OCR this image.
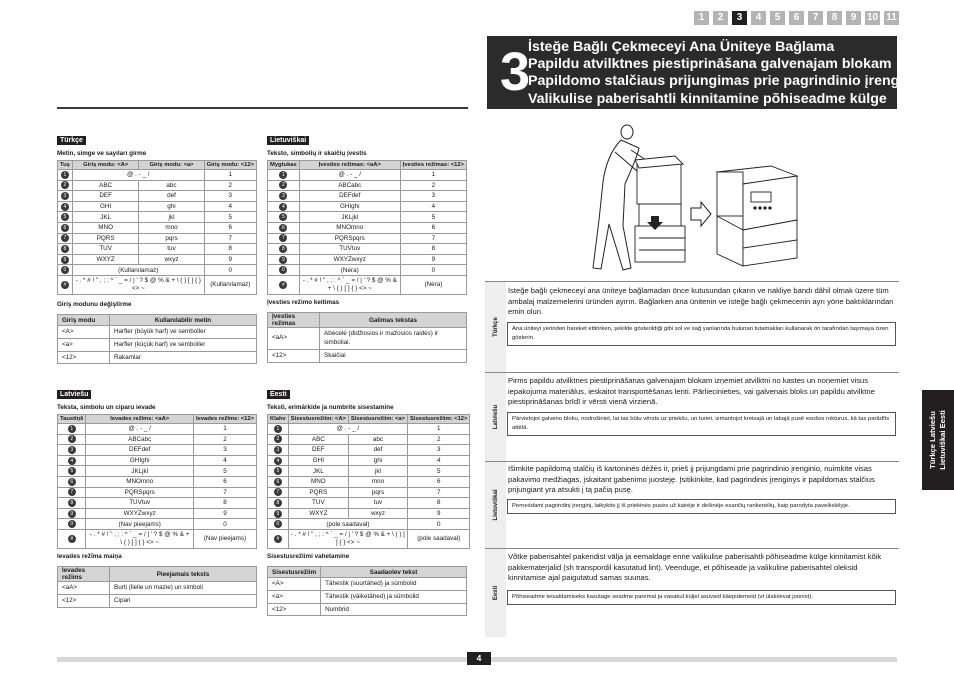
1	2	3	4	5	6	7	8	9	10 11
3
İsteğe Bağlı Çekmeceyi Ana Üniteye Bağlama
Papildu atvilktnes piestiprināšana galvenajam blokam
Papildomo stalčiaus prijungimas prie pagrindinio įrenginio
Valikulise paberisahtli kinnitamine põhiseadme külge
Türkçe
Metin, simge ve sayıları girme
Tuş	Giriş modu: <A>	Giriş modu: <a>	Giriş modu: <12>
1	@ . - _ /		1
2	ABC	abc	2
3	DEF	def	3
4	GHI	ghi	4
5	JKL	jkl	5
6	MNO	mno	6
7	PQRS	pqrs	7
8	TUV	tuv	8
9	WXYZ	wxyz	9
0	(Kullanılamaz)		0
#	- . * # ! " , ; : ^ ` _ = / | ' ? $ @ % & + \ ( ) [ ] { } <> ~		(Kullanılamaz)
Giriş modunu değiştirme
Giriş modu	Kullanılabilir metin
<A>	Harfler (büyük harf) ve semboller
<a>	Harfler (küçük harf) ve semboller
<12>	Rakamlar
Lietuviškai
Teksto, simbolių ir skaičių įvestis
Mygtukas	Įvesties režimas: <aA>	Įvesties režimas: <12>
1	@ . - _ /	1
2	ABCabc	2
3	DEFdef	3
4	GHIghi	4
5	JKLjkl	5
6	MNOmno	6
7	PQRSpqrs	7
8	TUVtuv	8
9	WXYZwxyz	9
0	(Nėra)	0
#	- . * # ! " , ; : ^ ` _ = / | ' ? $ @ % & + \ ( ) [ ] { } <> ~	(Nėra)
Įvesties režimo keitimas
Įvesties režimas	Galimas tekstas
<aA>	Abėcėlė (didžiosios ir mažosios raidės) ir simboliai.
<12>	Skaičiai
Latviešu
Teksta, simbolu un ciparu ievade
Taustiņš	Ievades režīms: <aA>	Ievades režīms: <12>
1	@ . - _ /	1
2	ABCabc	2
3	DEFdef	3
4	GHIghi	4
5	JKLjkl	5
6	MNOmno	6
7	PQRSpqrs	7
8	TUVtuv	8
9	WXYZwxyz	9
0	(Nav pieejams)	0
#	- . * # ! " , ; : ^ ` _ = / | ' ? $ @ % & + \ ( ) [ ] { } <> ~	(Nav pieejams)
Ievades režīma maiņa
Ievades režīms	Pieejamais teksts
<aA>	Burti (lielie un mazie) un simboli
<12>	Cipari
Eesti
Teksti, erimärkide ja numbrite sisestamine
Klahv	Sisestusrežiim: <A>	Sisestusrežiim: <a>	Sisestusrežiim: <12>
1	@ . - _ /		1
2	ABC	abc	2
3	DEF	def	3
4	GHI	ghi	4
5	JKL	jkl	5
6	MNO	mno	6
7	PQRS	pqrs	7
8	TUV	tuv	8
9	WXYZ	wxyz	9
0	(pole saadaval)		0
#	- . * # ! " , ; : ^ ` _ = / | ' ? $ @ % & + \ ( ) [ ] { } <> ~		(pole saadaval)
Sisestusrežiimi vahetamine
Sisestusrežiim	Saadaolev tekst
<A>	Tähestik (suurtähed) ja sümbolid
<a>	Tähestik (väiketähed) ja sümbolid
<12>	Numbrid
Türkçe
İsteğe bağlı çekmeceyi ana üniteye bağlamadan önce kutusundan çıkarın ve nakliye bandı dâhil olmak üzere tüm ambalaj malzemelerini üründen ayırın. Bağlarken ana ünitenin ve isteğe bağlı çekmecenin ayrı yöne baktıklarından emin olun.
Ana üniteyi yerinden hareket ettirirken, şekilde gösterildiği gibi sol ve sağ yanlarında bulunan tutamakları kullanarak ön tarafından taşımaya özen gösterin.
Latviešu
Pirms papildu atvilktnes piestiprināšanas galvenajam blokam izņemiet atvilktni no kastes un noņemiet visus iepakojuma materiālus, ieskaitot transportēšanas lenti. Pārliecinieties, vai galvenais bloks un papildu atvilktne piestiprināšanas brīdī ir vērsti vienā virzienā.
Pārvietojot galveno bloku, nodrošiniet, lai tas būtu vērsts uz priekšu, un turiet, izmantojot kreisajā un labajā pusē esošos rokturus, kā tas parādīts attēlā.
Lietuviškai
Išimkite papildomą stalčių iš kartoninės dėžės ir, prieš jį prijungdami prie pagrindinio įrenginio, nuimkite visas pakavimo medžiagas, įskaitant gabenimo juosteję. Įsitikinkite, kad pagrindinis įrenginys ir papildomas stalčius prijungiant yra atsukti į tą pačią pusę.
Perneśdami pagrindinį įrenginį, laikykite jį iš priekinės pusės už kairėje ir dešinėje esančių rankenėlių, kaip parodyta paveikslėlyje.
Eesti
Võtke paberisahtel pakendist välja ja eemaldage enne valikulise paberisahtli põhiseadme külge kinnitamist kõik pakkematerjalid (sh transpordil kasutatud lint). Veenduge, et põhiseade ja valikuline paberisahtel oleksid kinnitamise ajal paigutatud samas suunas.
Põhiseadme teisaldamiseks kasutage seadme paremal ja vasakul küljel asuvaid käepidemeid (vt ülalolevat joonist).
Türkçe Latviešu Lietuviškai Eesti
4
